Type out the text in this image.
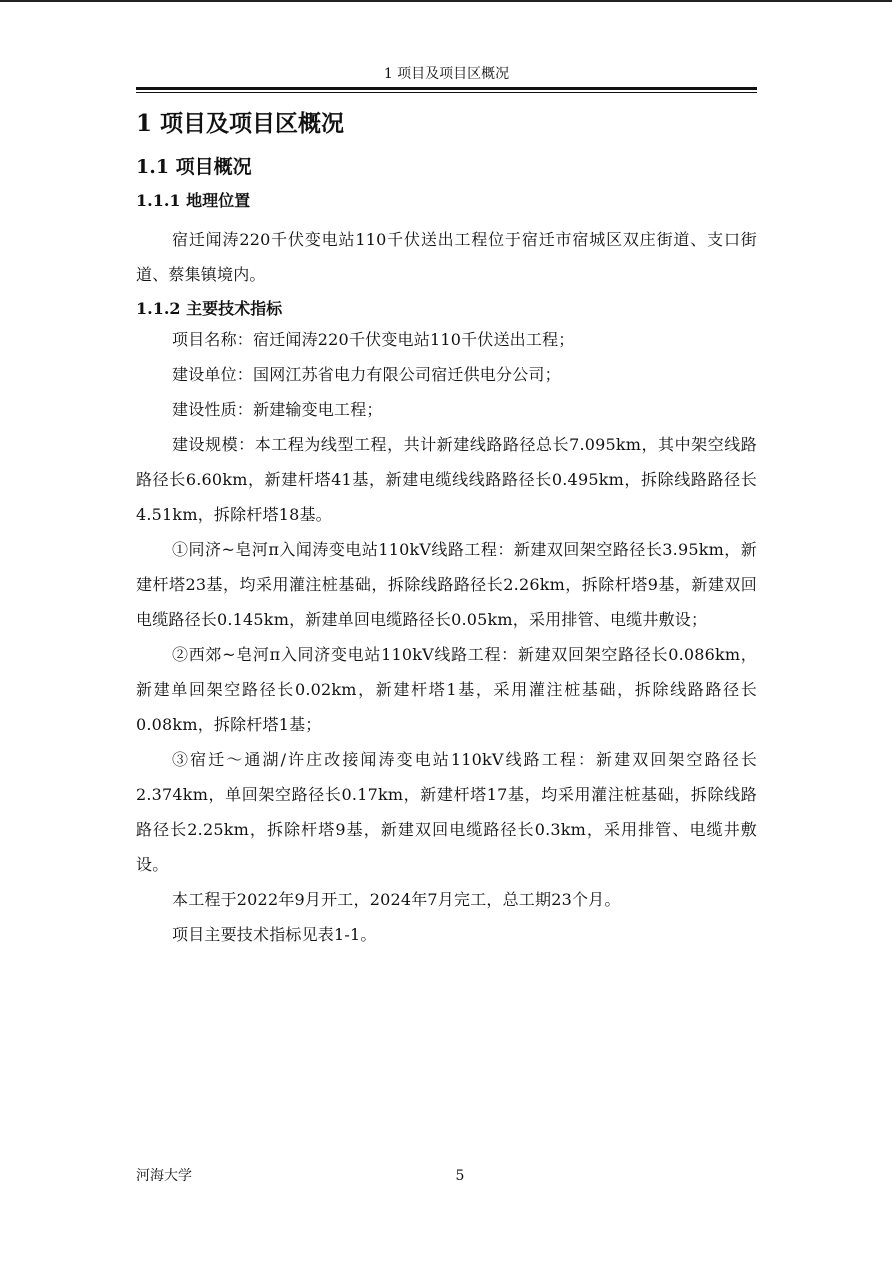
1 项目及项目区概况
1 项目及项目区概况
1.1 项目概况
1.1.1 地理位置

宿迁闻涛220千伏变电站110千伏送出工程位于宿迁市宿城区双庄街道、支口街道、蔡集镇境内。

1.1.2 主要技术指标

项目名称：宿迁闻涛220千伏变电站110千伏送出工程；

建设单位：国网江苏省电力有限公司宿迁供电分公司；

建设性质：新建输变电工程；

建设规模：本工程为线型工程，共计新建线路路径总长7.095km，其中架空线路路径长6.60km，新建杆塔41基，新建电缆线线路路径长0.495km，拆除线路路径长4.51km，拆除杆塔18基。

①同济~皂河π入闻涛变电站110kV线路工程：新建双回架空路径长3.95km，新建杆塔23基，均采用灌注桩基础，拆除线路路径长2.26km，拆除杆塔9基，新建双回电缆路径长0.145km，新建单回电缆路径长0.05km，采用排管、电缆井敷设；

②西郊~皂河π入同济变电站110kV线路工程：新建双回架空路径长0.086km，新建单回架空路径长0.02km，新建杆塔1基，采用灌注桩基础，拆除线路路径长0.08km，拆除杆塔1基；

③宿迁～通湖/许庄改接闻涛变电站110kV线路工程：新建双回架空路径长2.374km，单回架空路径长0.17km，新建杆塔17基，均采用灌注桩基础，拆除线路路径长2.25km，拆除杆塔9基，新建双回电缆路径长0.3km，采用排管、电缆井敷设。

本工程于2022年9月开工，2024年7月完工，总工期23个月。

项目主要技术指标见表1-1。

河海大学	5
